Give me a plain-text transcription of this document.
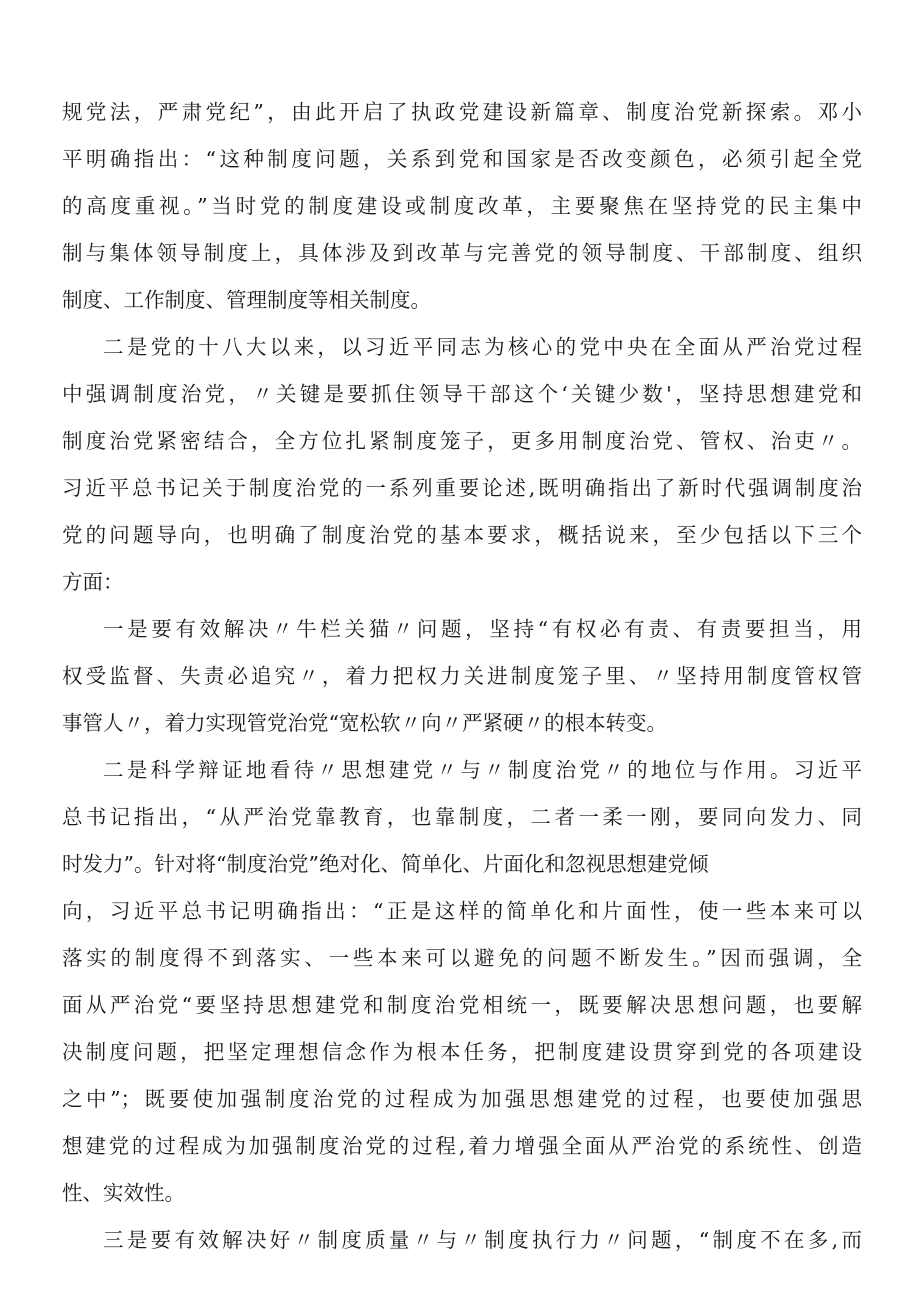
规党法，严肃党纪”，由此开启了执政党建设新篇章、制度治党新探索。邓小
平明确指出：“这种制度问题，关系到党和国家是否改变颜色，必须引起全党
的高度重视。”当时党的制度建设或制度改革，主要聚焦在坚持党的民主集中
制与集体领导制度上，具体涉及到改革与完善党的领导制度、干部制度、组织
制度、工作制度、管理制度等相关制度。
二是党的十八大以来，以习近平同志为核心的党中央在全面从严治党过程
中强调制度治党，〃关键是要抓住领导干部这个‘关键少数'，坚持思想建党和
制度治党紧密结合，全方位扎紧制度笼子，更多用制度治党、管权、治吏〃。
习近平总书记关于制度治党的一系列重要论述,既明确指出了新时代强调制度治
党的问题导向，也明确了制度治党的基本要求，概括说来，至少包括以下三个
方面：
一是要有效解决〃牛栏关猫〃问题，坚持“有权必有责、有责要担当，用
权受监督、失责必追究〃，着力把权力关进制度笼子里、〃坚持用制度管权管
事管人〃，着力实现管党治党“宽松软〃向〃严紧硬〃的根本转变。
二是科学辩证地看待〃思想建党〃与〃制度治党〃的地位与作用。习近平
总书记指出，“从严治党靠教育，也靠制度，二者一柔一刚，要同向发力、同
时发力”。针对将“制度治党”绝对化、简单化、片面化和忽视思想建党倾
向，习近平总书记明确指出：“正是这样的简单化和片面性，使一些本来可以
落实的制度得不到落实、一些本来可以避免的问题不断发生。”因而强调，全
面从严治党“要坚持思想建党和制度治党相统一，既要解决思想问题，也要解
决制度问题，把坚定理想信念作为根本任务，把制度建设贯穿到党的各项建设
之中”；既要使加强制度治党的过程成为加强思想建党的过程，也要使加强思
想建党的过程成为加强制度治党的过程,着力增强全面从严治党的系统性、创造
性、实效性。
三是要有效解决好〃制度质量〃与〃制度执行力〃问题，“制度不在多,而
